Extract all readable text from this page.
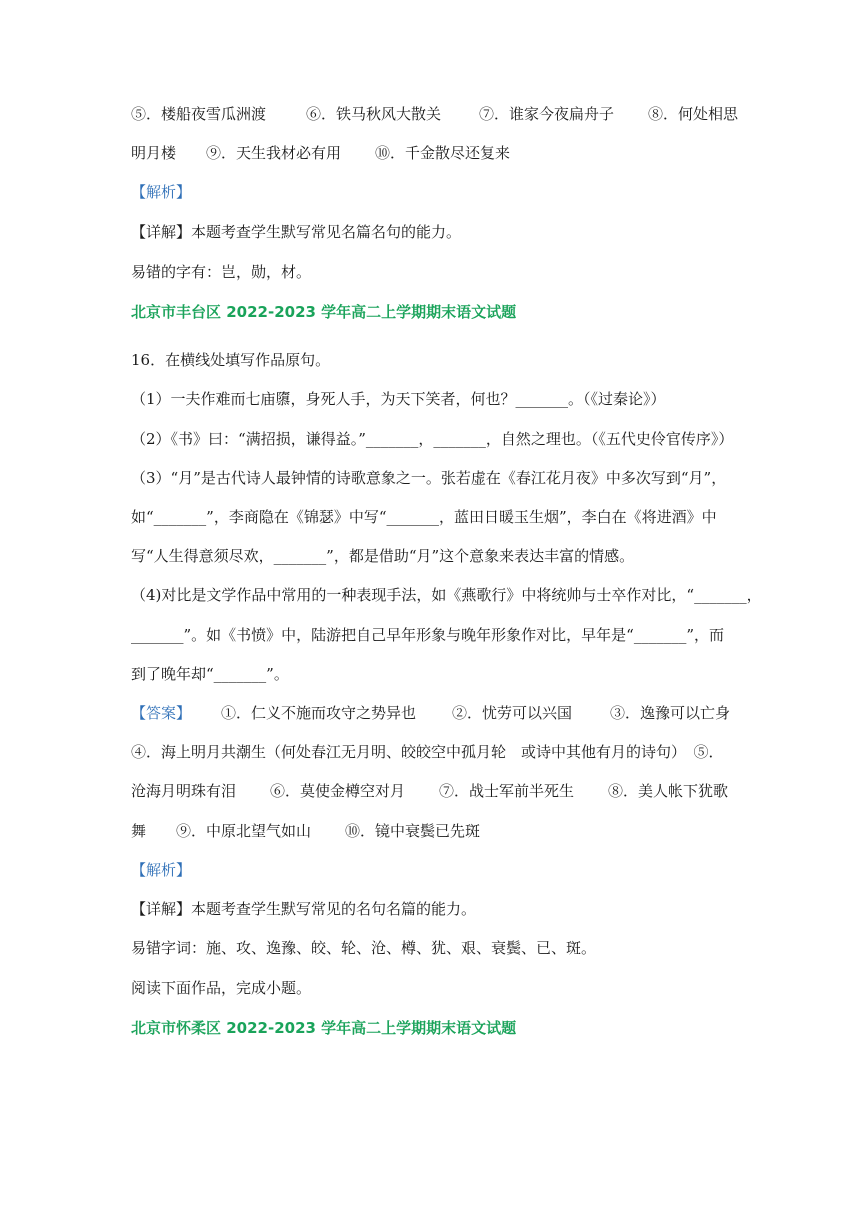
⑤．楼船夜雪瓜洲渡	⑥．铁马秋风大散关	⑦．谁家今夜扁舟子 ⑧．何处相思
明月楼 ⑨．天生我材必有用 ⑩．千金散尽还复来
【解析】
【详解】本题考查学生默写常见名篇名句的能力。
易错的字有：岂，勋，材。
北京市丰台区 2022-2023 学年高二上学期期末语文试题
16．在横线处填写作品原句。
（1）一夫作难而七庙隳，身死人手，为天下笑者，何也？_______。（《过秦论》）
（2）《书》曰：“满招损，谦得益。”_______，_______，自然之理也。（《五代史伶官传序》）
（3）“月”是古代诗人最钟情的诗歌意象之一。张若虚在《春江花月夜》中多次写到“月”，
如“_______”，李商隐在《锦瑟》中写“_______，蓝田日暖玉生烟”，李白在《将进酒》中
写“人生得意须尽欢，_______”，都是借助“月”这个意象来表达丰富的情感。
（4)对比是文学作品中常用的一种表现手法，如《燕歌行》中将统帅与士卒作对比，“_______，
_______”。如《书愤》中，陆游把自己早年形象与晚年形象作对比，早年是“_______”，而
到了晚年却“_______”。
【答案】 ①．仁义不施而攻守之势异也 ②．忧劳可以兴国	③．逸豫可以亡身
④．海上明月共潮生（何处春江无月明、皎皎空中孤月轮　或诗中其他有月的诗句）　⑤．
沧海月明珠有泪 ⑥．莫使金樽空对月 ⑦．战士军前半死生 ⑧．美人帐下犹歌
舞 ⑨．中原北望气如山 ⑩．镜中衰鬓已先斑
【解析】
【详解】本题考查学生默写常见的名句名篇的能力。
易错字词：施、攻、逸豫、皎、轮、沧、樽、犹、艰、衰鬓、已、斑。
阅读下面作品，完成小题。
北京市怀柔区 2022-2023 学年高二上学期期末语文试题
